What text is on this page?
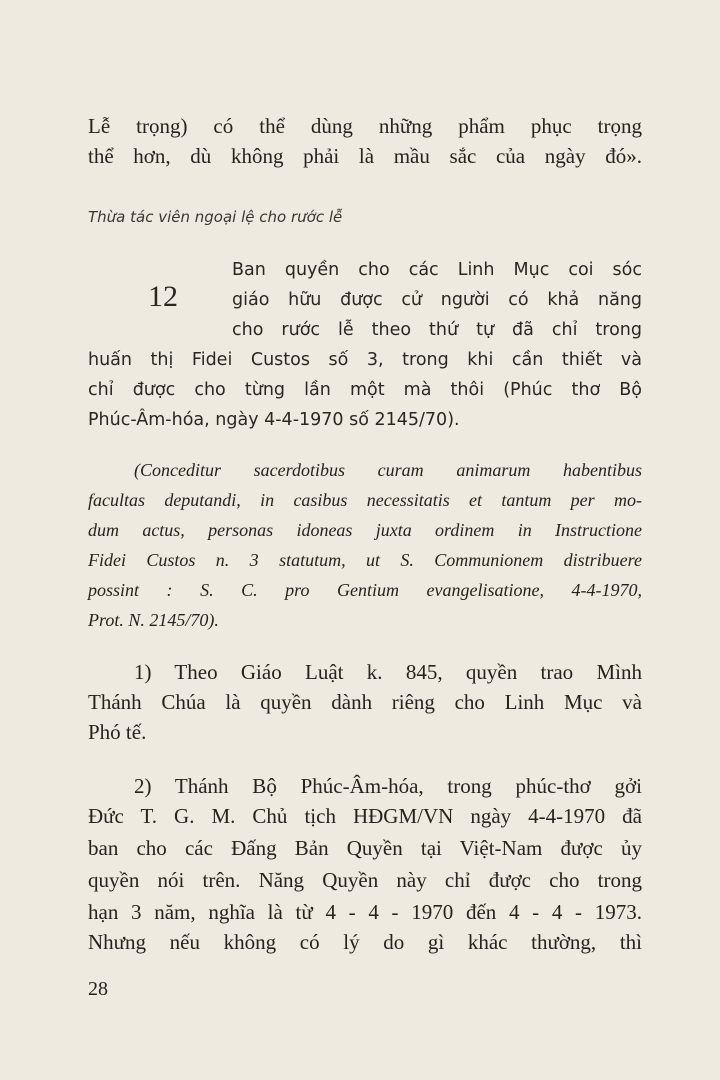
Lễ trọng) có thể dùng những phẩm phục trọng
thể hơn, dù không phải là mầu sắc của ngày đó».
Thừa tác viên ngoại lệ cho rước lễ
12
Ban quyền cho các Linh Mục coi sóc
giáo hữu được cử người có khả năng
cho rước lễ theo thứ tự đã chỉ trong
huấn thị Fidei Custos số 3, trong khi cần thiết và
chỉ được cho từng lần một mà thôi (Phúc thơ Bộ
Phúc-Âm-hóa, ngày 4-4-1970 số 2145/70).
(Conceditur sacerdotibus curam animarum habentibus
facultas deputandi, in casibus necessitatis et tantum per mo-
dum actus, personas idoneas juxta ordinem in Instructione
Fidei Custos n. 3 statutum, ut S. Communionem distribuere
possint : S. C. pro Gentium evangelisatione, 4-4-1970,
Prot. N. 2145/70).
1) Theo Giáo Luật k. 845, quyền trao Mình
Thánh Chúa là quyền dành riêng cho Linh Mục và
Phó tế.
2) Thánh Bộ Phúc-Âm-hóa, trong phúc-thơ gởi
Đức T. G. M. Chủ tịch HĐGM/VN ngày 4-4-1970 đã
ban cho các Đấng Bản Quyền tại Việt-Nam được ủy
quyền nói trên. Năng Quyền này chỉ được cho trong
hạn 3 năm, nghĩa là từ 4 - 4 - 1970 đến 4 - 4 - 1973.
Nhưng nếu không có lý do gì khác thường, thì
28
